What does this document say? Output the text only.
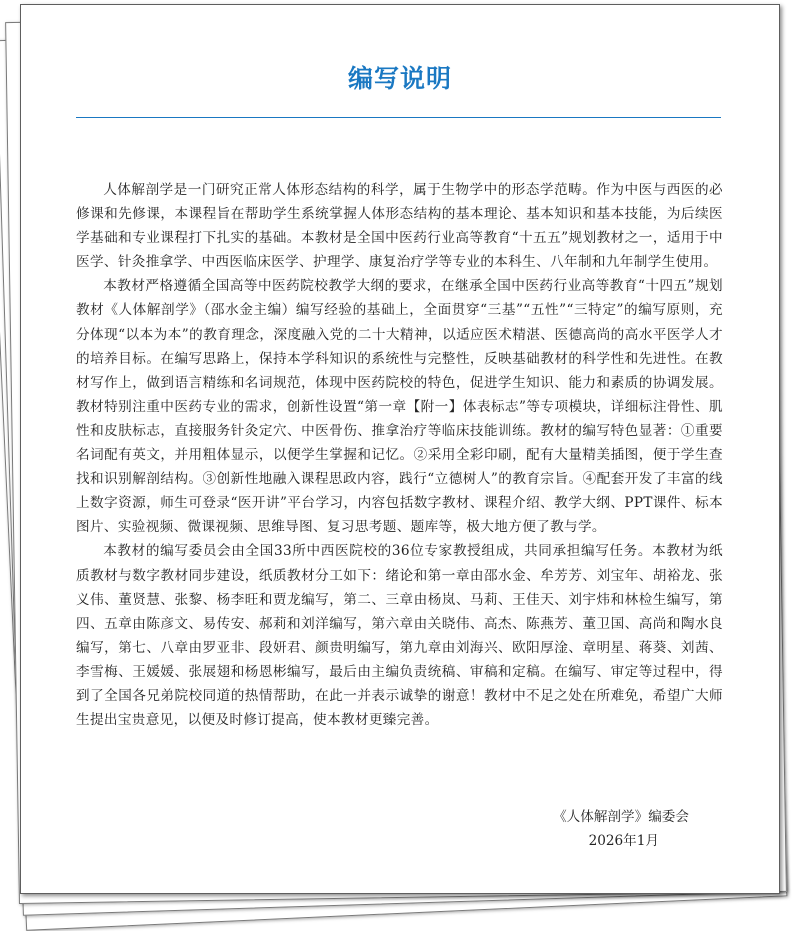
编写说明

人体解剖学是一门研究正常人体形态结构的科学，属于生物学中的形态学范畴。作为中医与西医的必修课和先修课，本课程旨在帮助学生系统掌握人体形态结构的基本理论、基本知识和基本技能，为后续医学基础和专业课程打下扎实的基础。本教材是全国中医药行业高等教育“十五五”规划教材之一，适用于中医学、针灸推拿学、中西医临床医学、护理学、康复治疗学等专业的本科生、八年制和九年制学生使用。

本教材严格遵循全国高等中医药院校教学大纲的要求，在继承全国中医药行业高等教育“十四五”规划教材《人体解剖学》（邵水金主编）编写经验的基础上，全面贯穿“三基”“五性”“三特定”的编写原则，充分体现“以本为本”的教育理念，深度融入党的二十大精神，以适应医术精湛、医德高尚的高水平医学人才的培养目标。在编写思路上，保持本学科知识的系统性与完整性，反映基础教材的科学性和先进性。在教材写作上，做到语言精练和名词规范，体现中医药院校的特色，促进学生知识、能力和素质的协调发展。教材特别注重中医药专业的需求，创新性设置“第一章【附一】体表标志”等专项模块，详细标注骨性、肌性和皮肤标志，直接服务针灸定穴、中医骨伤、推拿治疗等临床技能训练。教材的编写特色显著：①重要名词配有英文，并用粗体显示，以便学生掌握和记忆。②采用全彩印刷，配有大量精美插图，便于学生查找和识别解剖结构。③创新性地融入课程思政内容，践行“立德树人”的教育宗旨。④配套开发了丰富的线上数字资源，师生可登录“医开讲”平台学习，内容包括数字教材、课程介绍、教学大纲、PPT课件、标本图片、实验视频、微课视频、思维导图、复习思考题、题库等，极大地方便了教与学。

本教材的编写委员会由全国33所中西医院校的36位专家教授组成，共同承担编写任务。本教材为纸质教材与数字教材同步建设，纸质教材分工如下：绪论和第一章由邵水金、牟芳芳、刘宝年、胡裕龙、张义伟、董贤慧、张黎、杨李旺和贾龙编写，第二、三章由杨岚、马莉、王佳天、刘宇炜和林检生编写，第四、五章由陈彦文、易传安、郝莉和刘洋编写，第六章由关晓伟、高杰、陈燕芳、董卫国、高尚和陶水良编写，第七、八章由罗亚非、段妍君、颜贵明编写，第九章由刘海兴、欧阳厚淦、章明星、蒋葵、刘茜、李雪梅、王媛媛、张展翅和杨恩彬编写，最后由主编负责统稿、审稿和定稿。在编写、审定等过程中，得到了全国各兄弟院校同道的热情帮助，在此一并表示诚挚的谢意！教材中不足之处在所难免，希望广大师生提出宝贵意见，以便及时修订提高，使本教材更臻完善。

《人体解剖学》编委会
2026年1月
